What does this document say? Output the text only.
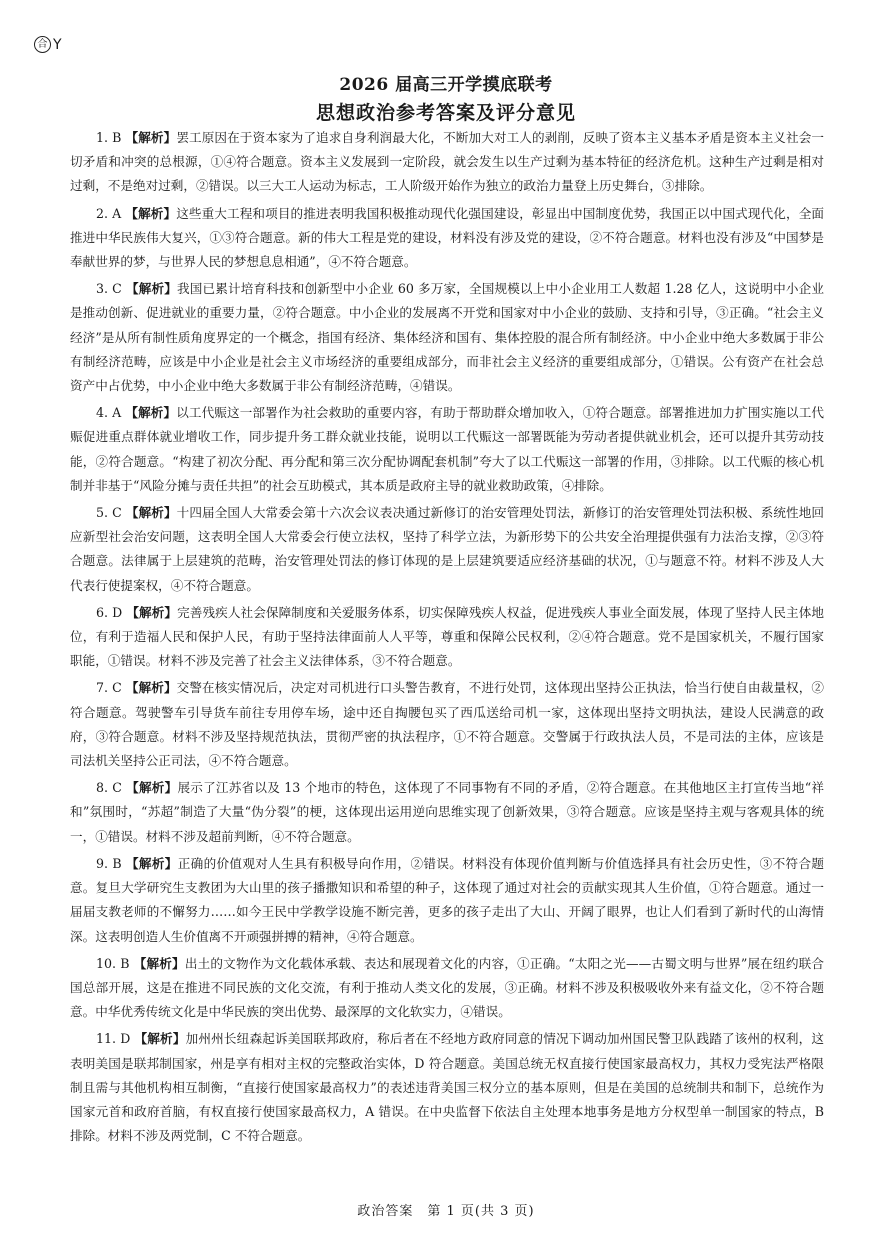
合 Y
2026 届高三开学摸底联考
思想政治参考答案及评分意见

1. B 【解析】罢工原因在于资本家为了追求自身利润最大化，不断加大对工人的剥削，反映了资本主义基本矛盾是资本主义社会一切矛盾和冲突的总根源，①④符合题意。资本主义发展到一定阶段，就会发生以生产过剩为基本特征的经济危机。这种生产过剩是相对过剩，不是绝对过剩，②错误。以三大工人运动为标志，工人阶级开始作为独立的政治力量登上历史舞台，③排除。

2. A 【解析】这些重大工程和项目的推进表明我国积极推动现代化强国建设，彰显出中国制度优势，我国正以中国式现代化，全面推进中华民族伟大复兴，①③符合题意。新的伟大工程是党的建设，材料没有涉及党的建设，②不符合题意。材料也没有涉及“中国梦是奉献世界的梦，与世界人民的梦想息息相通”，④不符合题意。

3. C 【解析】我国已累计培育科技和创新型中小企业 60 多万家，全国规模以上中小企业用工人数超 1.28 亿人，这说明中小企业是推动创新、促进就业的重要力量，②符合题意。中小企业的发展离不开党和国家对中小企业的鼓励、支持和引导，③正确。“社会主义经济”是从所有制性质角度界定的一个概念，指国有经济、集体经济和国有、集体控股的混合所有制经济。中小企业中绝大多数属于非公有制经济范畴，应该是中小企业是社会主义市场经济的重要组成部分，而非社会主义经济的重要组成部分，①错误。公有资产在社会总资产中占优势，中小企业中绝大多数属于非公有制经济范畴，④错误。

4. A 【解析】以工代赈这一部署作为社会救助的重要内容，有助于帮助群众增加收入，①符合题意。部署推进加力扩围实施以工代赈促进重点群体就业增收工作，同步提升务工群众就业技能，说明以工代赈这一部署既能为劳动者提供就业机会，还可以提升其劳动技能，②符合题意。“构建了初次分配、再分配和第三次分配协调配套机制”夸大了以工代赈这一部署的作用，③排除。以工代赈的核心机制并非基于“风险分摊与责任共担”的社会互助模式，其本质是政府主导的就业救助政策，④排除。

5. C 【解析】十四届全国人大常委会第十六次会议表决通过新修订的治安管理处罚法，新修订的治安管理处罚法积极、系统性地回应新型社会治安问题，这表明全国人大常委会行使立法权，坚持了科学立法，为新形势下的公共安全治理提供强有力法治支撑，②③符合题意。法律属于上层建筑的范畴，治安管理处罚法的修订体现的是上层建筑要适应经济基础的状况，①与题意不符。材料不涉及人大代表行使提案权，④不符合题意。

6. D 【解析】完善残疾人社会保障制度和关爱服务体系，切实保障残疾人权益，促进残疾人事业全面发展，体现了坚持人民主体地位，有利于造福人民和保护人民，有助于坚持法律面前人人平等，尊重和保障公民权利，②④符合题意。党不是国家机关，不履行国家职能，①错误。材料不涉及完善了社会主义法律体系，③不符合题意。

7. C 【解析】交警在核实情况后，决定对司机进行口头警告教育，不进行处罚，这体现出坚持公正执法，恰当行使自由裁量权，②符合题意。驾驶警车引导货车前往专用停车场，途中还自掏腰包买了西瓜送给司机一家，这体现出坚持文明执法，建设人民满意的政府，③符合题意。材料不涉及坚持规范执法，贯彻严密的执法程序，①不符合题意。交警属于行政执法人员，不是司法的主体，应该是司法机关坚持公正司法，④不符合题意。

8. C 【解析】展示了江苏省以及 13 个地市的特色，这体现了不同事物有不同的矛盾，②符合题意。在其他地区主打宣传当地“祥和”氛围时，“苏超”制造了大量“伪分裂”的梗，这体现出运用逆向思维实现了创新效果，③符合题意。应该是坚持主观与客观具体的统一，①错误。材料不涉及超前判断，④不符合题意。

9. B 【解析】正确的价值观对人生具有积极导向作用，②错误。材料没有体现价值判断与价值选择具有社会历史性，③不符合题意。复旦大学研究生支教团为大山里的孩子播撒知识和希望的种子，这体现了通过对社会的贡献实现其人生价值，①符合题意。通过一届届支教老师的不懈努力……如今王民中学教学设施不断完善，更多的孩子走出了大山、开阔了眼界，也让人们看到了新时代的山海情深。这表明创造人生价值离不开顽强拼搏的精神，④符合题意。

10. B 【解析】出土的文物作为文化载体承载、表达和展现着文化的内容，①正确。“太阳之光——古蜀文明与世界”展在纽约联合国总部开展，这是在推进不同民族的文化交流，有利于推动人类文化的发展，③正确。材料不涉及积极吸收外来有益文化，②不符合题意。中华优秀传统文化是中华民族的突出优势、最深厚的文化软实力，④错误。

11. D 【解析】加州州长纽森起诉美国联邦政府，称后者在不经地方政府同意的情况下调动加州国民警卫队践踏了该州的权利，这表明美国是联邦制国家，州是享有相对主权的完整政治实体，D 符合题意。美国总统无权直接行使国家最高权力，其权力受宪法严格限制且需与其他机构相互制衡，“直接行使国家最高权力”的表述违背美国三权分立的基本原则，但是在美国的总统制共和制下，总统作为国家元首和政府首脑，有权直接行使国家最高权力，A 错误。在中央监督下依法自主处理本地事务是地方分权型单一制国家的特点，B 排除。材料不涉及两党制，C 不符合题意。

政治答案　第 1 页(共 3 页)
